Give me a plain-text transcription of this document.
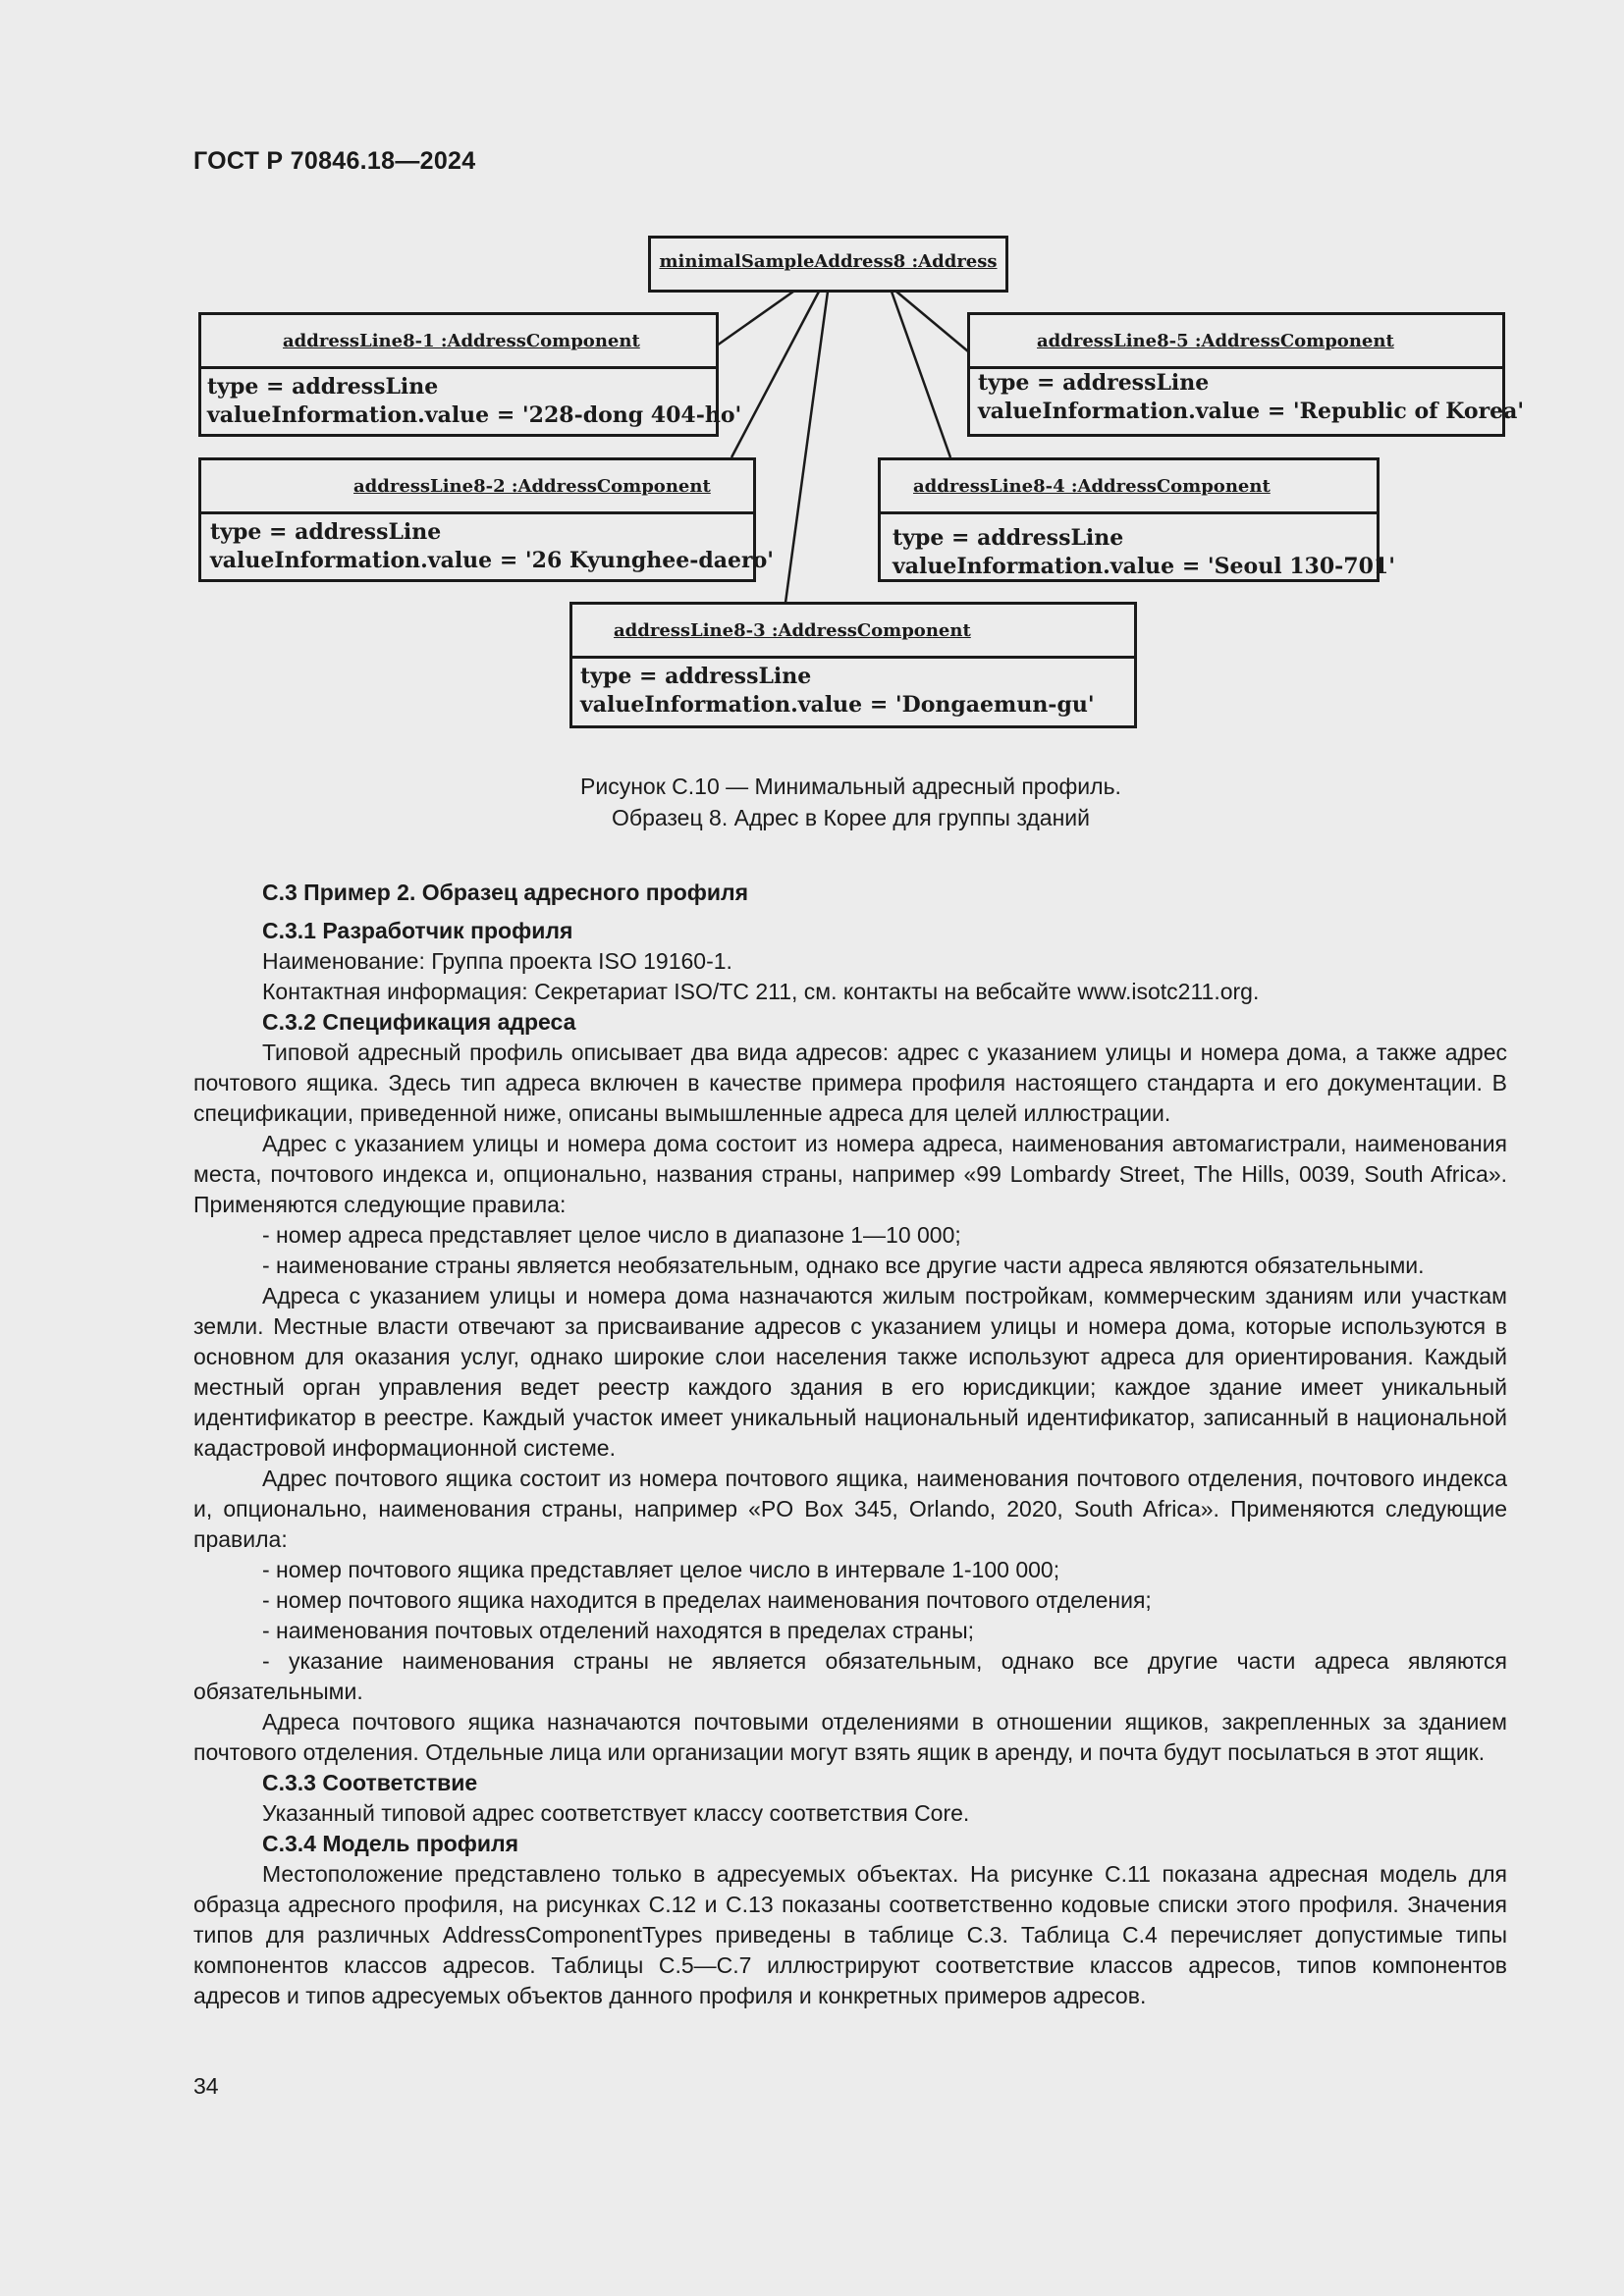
ГОСТ Р 70846.18—2024
minimalSampleAddress8 :Address
addressLine8-1 :AddressComponent
type = addressLine
valueInformation.value = '228-dong 404-ho'
addressLine8-2 :AddressComponent
type = addressLine
valueInformation.value = '26 Kyunghee-daero'
addressLine8-3 :AddressComponent
type = addressLine
valueInformation.value = 'Dongaemun-gu'
addressLine8-4 :AddressComponent
type = addressLine
valueInformation.value = 'Seoul 130-701'
addressLine8-5 :AddressComponent
type = addressLine
valueInformation.value = 'Republic of Korea'
Рисунок С.10 — Минимальный адресный профиль.
Образец 8. Адрес в Корее для группы зданий

С.3 Пример 2. Образец адресного профиля

С.3.1 Разработчик профиля

Наименование: Группа проекта ISO 19160-1.

Контактная информация: Секретариат ISO/TC 211, см. контакты на вебсайте www.isotc211.org.

С.3.2 Спецификация адреса

Типовой адресный профиль описывает два вида адресов: адрес с указанием улицы и номера дома, а также адрес почтового ящика. Здесь тип адреса включен в качестве примера профиля настоящего стандарта и его документации. В спецификации, приведенной ниже, описаны вымышленные адреса для целей иллюстрации.

Адрес с указанием улицы и номера дома состоит из номера адреса, наименования автомагистрали, наименования места, почтового индекса и, опционально, названия страны, например «99 Lombardy Street, The Hills, 0039, South Africa». Применяются следующие правила:

- номер адреса представляет целое число в диапазоне 1—10 000;

- наименование страны является необязательным, однако все другие части адреса являются обязательными.

Адреса с указанием улицы и номера дома назначаются жилым постройкам, коммерческим зданиям или участкам земли. Местные власти отвечают за присваивание адресов с указанием улицы и номера дома, которые используются в основном для оказания услуг, однако широкие слои населения также используют адреса для ориентирования. Каждый местный орган управления ведет реестр каждого здания в его юрисдикции; каждое здание имеет уникальный идентификатор в реестре. Каждый участок имеет уникальный национальный идентификатор, записанный в национальной кадастровой информационной системе.

Адрес почтового ящика состоит из номера почтового ящика, наименования почтового отделения, почтового индекса и, опционально, наименования страны, например «PO Box 345, Orlando, 2020, South Africa». Применяются следующие правила:

- номер почтового ящика представляет целое число в интервале 1-100 000;

- номер почтового ящика находится в пределах наименования почтового отделения;

- наименования почтовых отделений находятся в пределах страны;

- указание наименования страны не является обязательным, однако все другие части адреса являются обязательными.

Адреса почтового ящика назначаются почтовыми отделениями в отношении ящиков, закрепленных за зданием почтового отделения. Отдельные лица или организации могут взять ящик в аренду, и почта будут посылаться в этот ящик.

С.3.3 Соответствие

Указанный типовой адрес соответствует классу соответствия Core.

С.3.4 Модель профиля

Местоположение представлено только в адресуемых объектах. На рисунке С.11 показана адресная модель для образца адресного профиля, на рисунках С.12 и С.13 показаны соответственно кодовые списки этого профиля. Значения типов для различных AddressComponentTypes приведены в таблице С.3. Таблица С.4 перечисляет допустимые типы компонентов классов адресов. Таблицы С.5—С.7 иллюстрируют соответствие классов адресов, типов компонентов адресов и типов адресуемых объектов данного профиля и конкретных примеров адресов.

34
